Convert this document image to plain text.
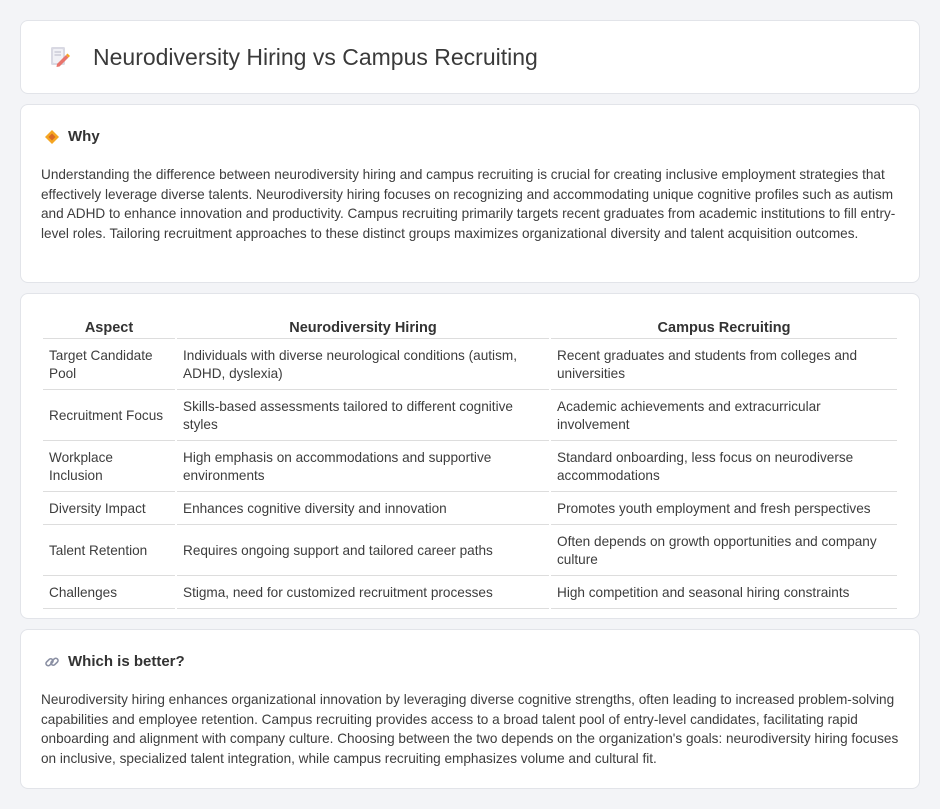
Neurodiversity Hiring vs Campus Recruiting
Why

Understanding the difference between neurodiversity hiring and campus recruiting is crucial for creating inclusive employment strategies that effectively leverage diverse talents. Neurodiversity hiring focuses on recognizing and accommodating unique cognitive profiles such as autism and ADHD to enhance innovation and productivity. Campus recruiting primarily targets recent graduates from academic institutions to fill entry-level roles. Tailoring recruitment approaches to these distinct groups maximizes organizational diversity and talent acquisition outcomes.

Aspect	Neurodiversity Hiring	Campus Recruiting
Target Candidate Pool	Individuals with diverse neurological conditions (autism, ADHD, dyslexia)	Recent graduates and students from colleges and universities
Recruitment Focus	Skills-based assessments tailored to different cognitive styles	Academic achievements and extracurricular involvement
Workplace Inclusion	High emphasis on accommodations and supportive environments	Standard onboarding, less focus on neurodiverse accommodations
Diversity Impact	Enhances cognitive diversity and innovation	Promotes youth employment and fresh perspectives
Talent Retention	Requires ongoing support and tailored career paths	Often depends on growth opportunities and company culture
Challenges	Stigma, need for customized recruitment processes	High competition and seasonal hiring constraints
Which is better?

Neurodiversity hiring enhances organizational innovation by leveraging diverse cognitive strengths, often leading to increased problem-solving capabilities and employee retention. Campus recruiting provides access to a broad talent pool of entry-level candidates, facilitating rapid onboarding and alignment with company culture. Choosing between the two depends on the organization's goals: neurodiversity hiring focuses on inclusive, specialized talent integration, while campus recruiting emphasizes volume and cultural fit.
